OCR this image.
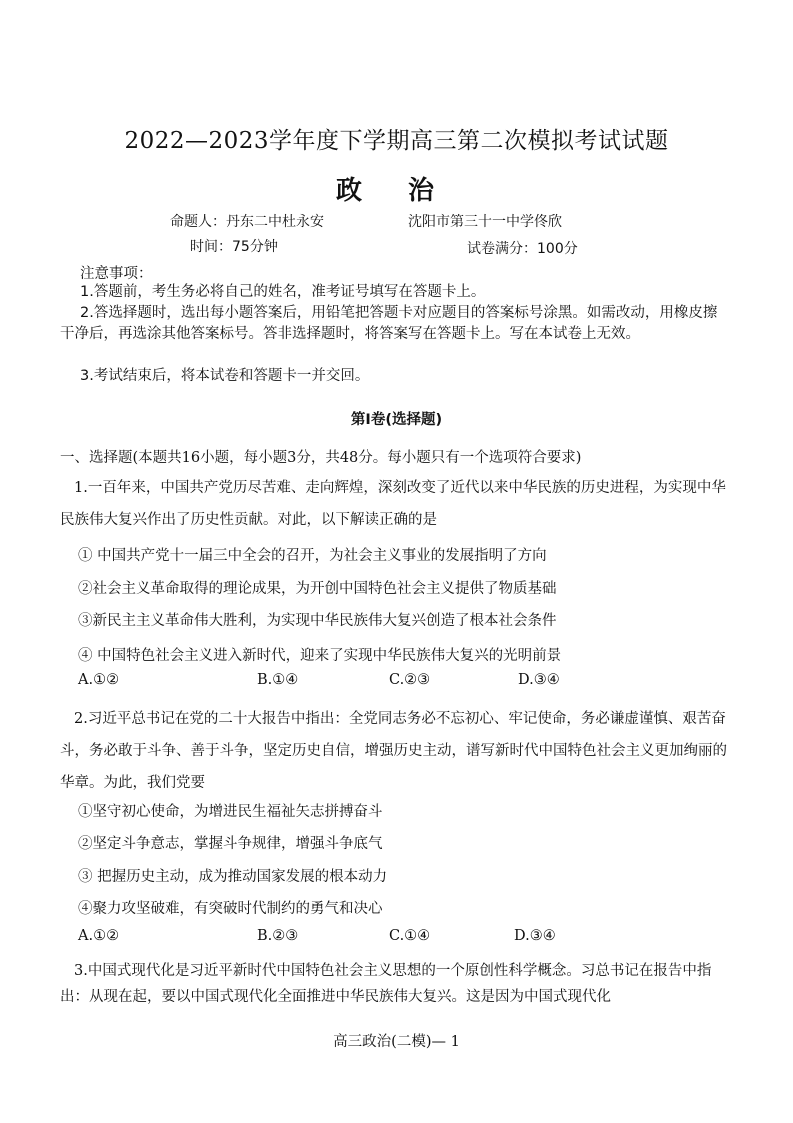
2022—2023学年度下学期高三第二次模拟考试试题
政治
命题人：丹东二中杜永安	沈阳市第三十一中学佟欣
时间：75分钟	试卷满分：100分
注意事项：
1.答题前，考生务必将自己的姓名，准考证号填写在答题卡上。
2.答选择题时，选出每小题答案后，用铅笔把答题卡对应题目的答案标号涂黑。如需改动，用橡皮擦干净后，再选涂其他答案标号。答非选择题时，将答案写在答题卡上。写在本试卷上无效。
3.考试结束后，将本试卷和答题卡一并交回。
第Ⅰ卷(选择题)
一、选择题(本题共16小题，每小题3分，共48分。每小题只有一个选项符合要求)
1.一百年来，中国共产党历尽苦难、走向辉煌，深刻改变了近代以来中华民族的历史进程，为实现中华民族伟大复兴作出了历史性贡献。对此，以下解读正确的是
① 中国共产党十一届三中全会的召开，为社会主义事业的发展指明了方向
②社会主义革命取得的理论成果，为开创中国特色社会主义提供了物质基础
③新民主主义革命伟大胜利，为实现中华民族伟大复兴创造了根本社会条件
④ 中国特色社会主义进入新时代，迎来了实现中华民族伟大复兴的光明前景
A.①②	B.①④	C.②③	D.③④
2.习近平总书记在党的二十大报告中指出：全党同志务必不忘初心、牢记使命，务必谦虚谨慎、艰苦奋斗，务必敢于斗争、善于斗争，坚定历史自信，增强历史主动，谱写新时代中国特色社会主义更加绚丽的华章。为此，我们党要
①坚守初心使命，为增进民生福祉矢志拼搏奋斗
②坚定斗争意志，掌握斗争规律，增强斗争底气
③ 把握历史主动，成为推动国家发展的根本动力
④聚力攻坚破难，有突破时代制约的勇气和决心
A.①②	B.②③	C.①④	D.③④
3.中国式现代化是习近平新时代中国特色社会主义思想的一个原创性科学概念。习总书记在报告中指出：从现在起，要以中国式现代化全面推进中华民族伟大复兴。这是因为中国式现代化
高三政治(二模)— 1
